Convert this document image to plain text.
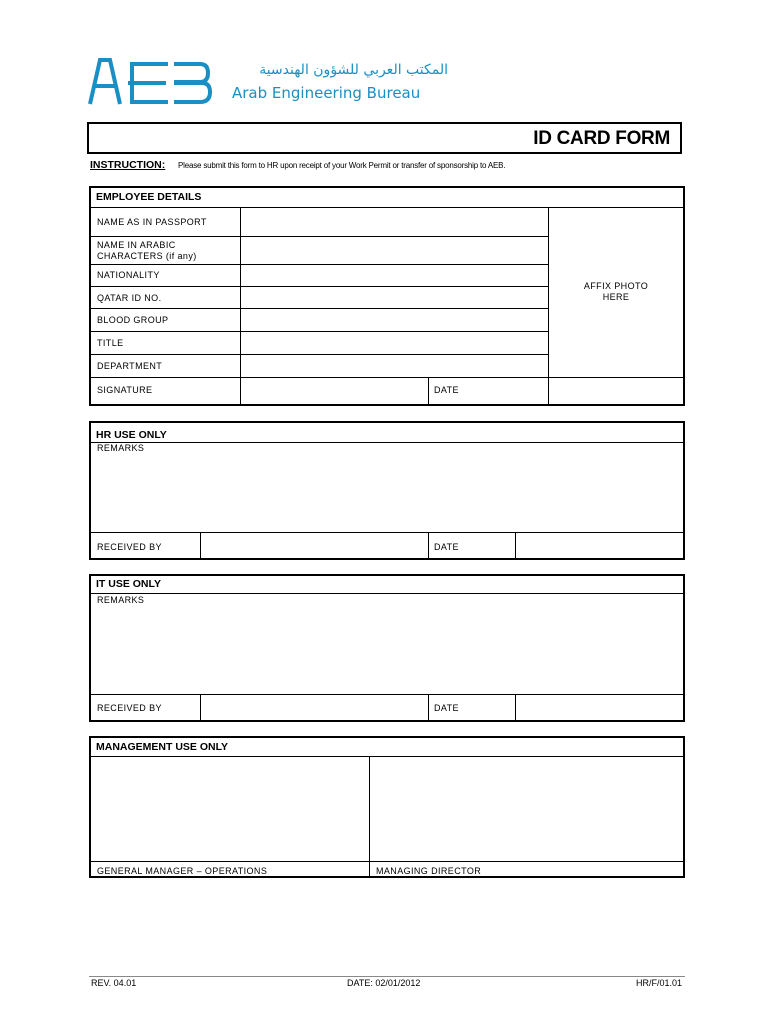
المكتب العربي للشؤون الهندسية
Arab Engineering Bureau
ID CARD FORM
INSTRUCTION: Please submit this form to HR upon receipt of your Work Permit or transfer of sponsorship to AEB.
EMPLOYEE DETAILS
NAME AS IN PASSPORT
NAME IN ARABIC
CHARACTERS (if any)
NATIONALITY
QATAR ID NO.
BLOOD GROUP
TITLE
DEPARTMENT
SIGNATURE	DATE
AFFIX PHOTO
HERE
HR USE ONLY
REMARKS
RECEIVED BY	DATE
IT USE ONLY
REMARKS
RECEIVED BY	DATE
MANAGEMENT USE ONLY
GENERAL MANAGER – OPERATIONS	MANAGING DIRECTOR
REV. 04.01	DATE: 02/01/2012	HR/F/01.01
